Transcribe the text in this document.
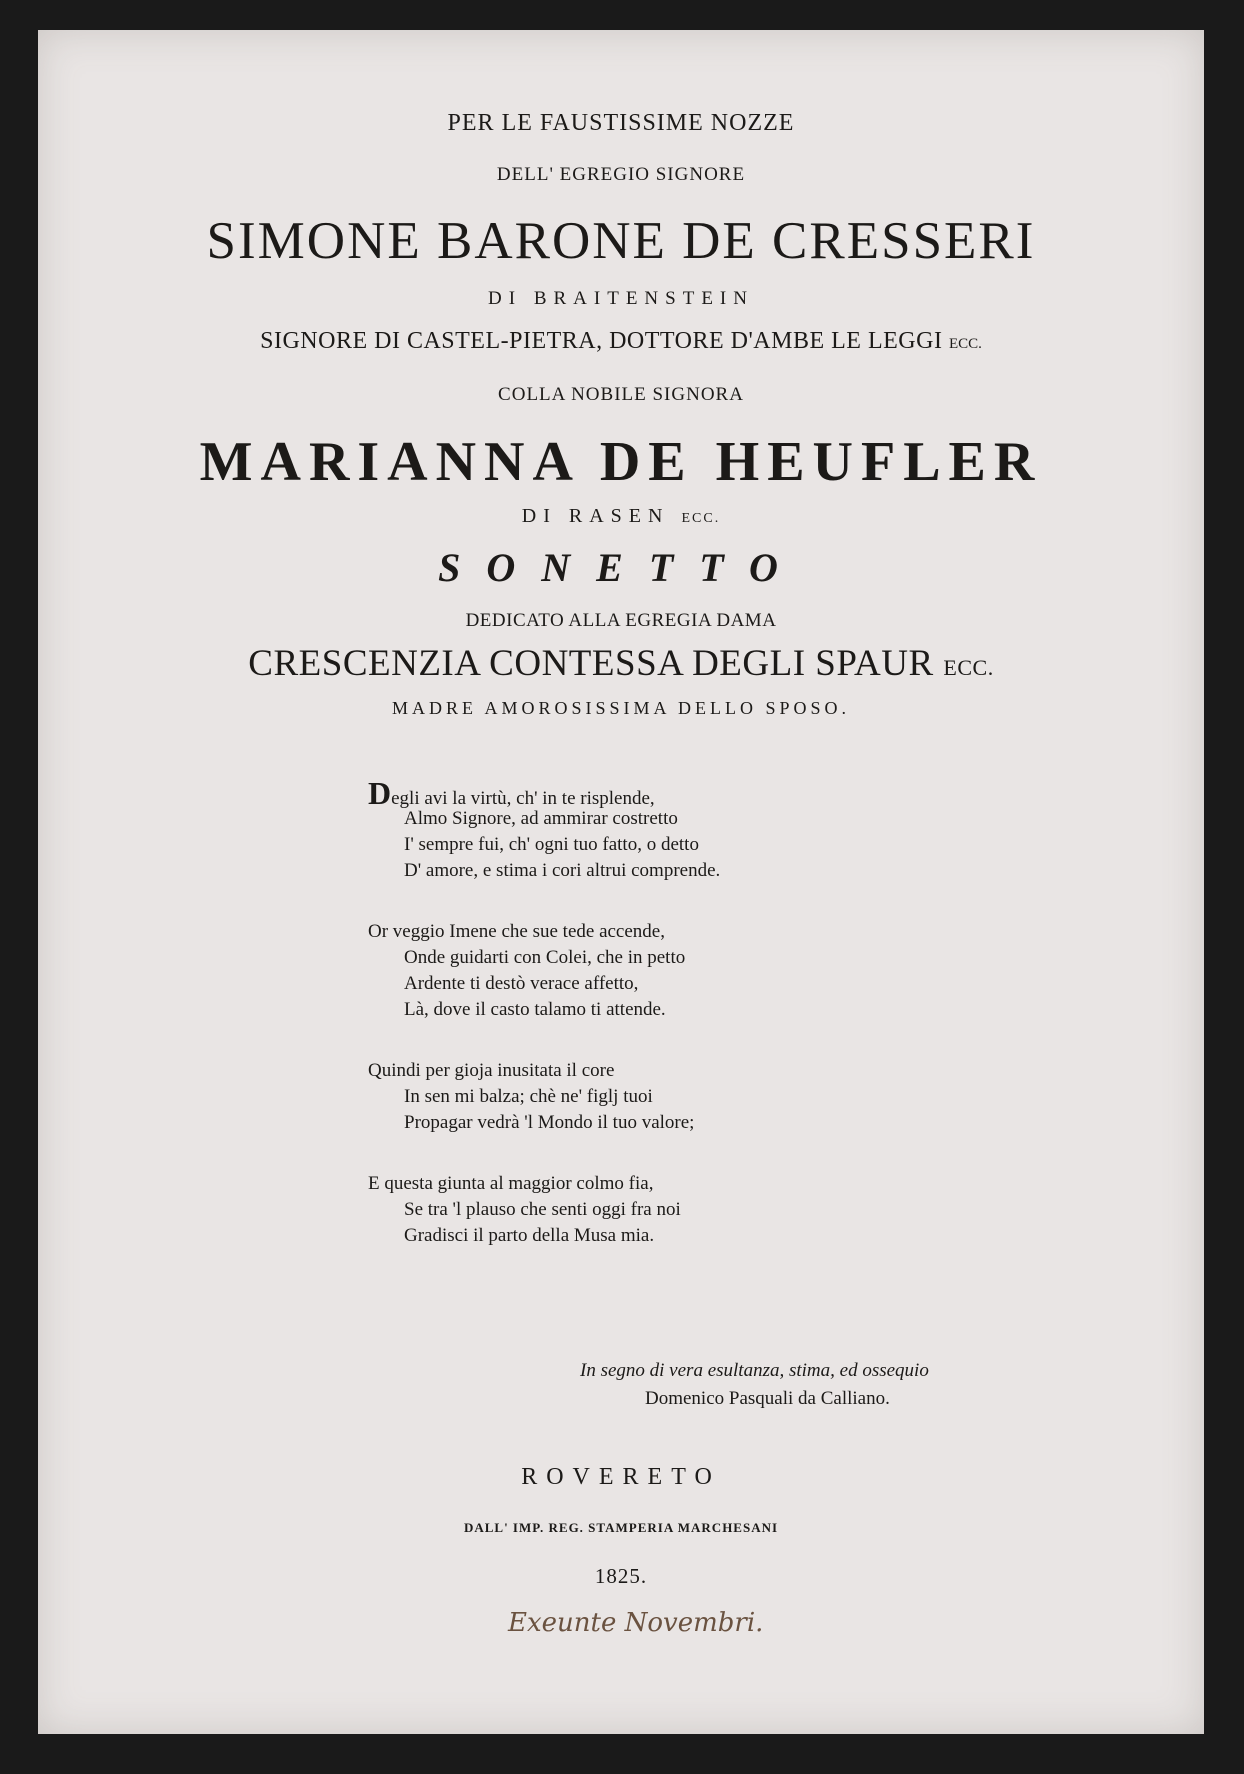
PER LE FAUSTISSIME NOZZE
DELL' EGREGIO SIGNORE
SIMONE BARONE DE CRESSERI
DI BRAITENSTEIN
SIGNORE DI CASTEL-PIETRA, DOTTORE D'AMBE LE LEGGI ECC.
COLLA NOBILE SIGNORA
MARIANNA DE HEUFLER
DI RASEN ECC.
SONETTO
DEDICATO ALLA EGREGIA DAMA
CRESCENZIA CONTESSA DEGLI SPAUR ECC.
MADRE AMOROSISSIMA DELLO SPOSO.
Degli avi la virtù, ch' in te risplende,
Almo Signore, ad ammirar costretto
I' sempre fui, ch' ogni tuo fatto, o detto
D' amore, e stima i cori altrui comprende.
Or veggio Imene che sue tede accende,
Onde guidarti con Colei, che in petto
Ardente ti destò verace affetto,
Là, dove il casto talamo ti attende.
Quindi per gioja inusitata il core
In sen mi balza; chè ne' figlj tuoi
Propagar vedrà 'l Mondo il tuo valore;
E questa giunta al maggior colmo fia,
Se tra 'l plauso che senti oggi fra noi
Gradisci il parto della Musa mia.
In segno di vera esultanza, stima, ed ossequio
Domenico Pasquali da Calliano.
ROVERETO
DALL' IMP. REG. STAMPERIA MARCHESANI
1825.
Exeunte Novembri.
